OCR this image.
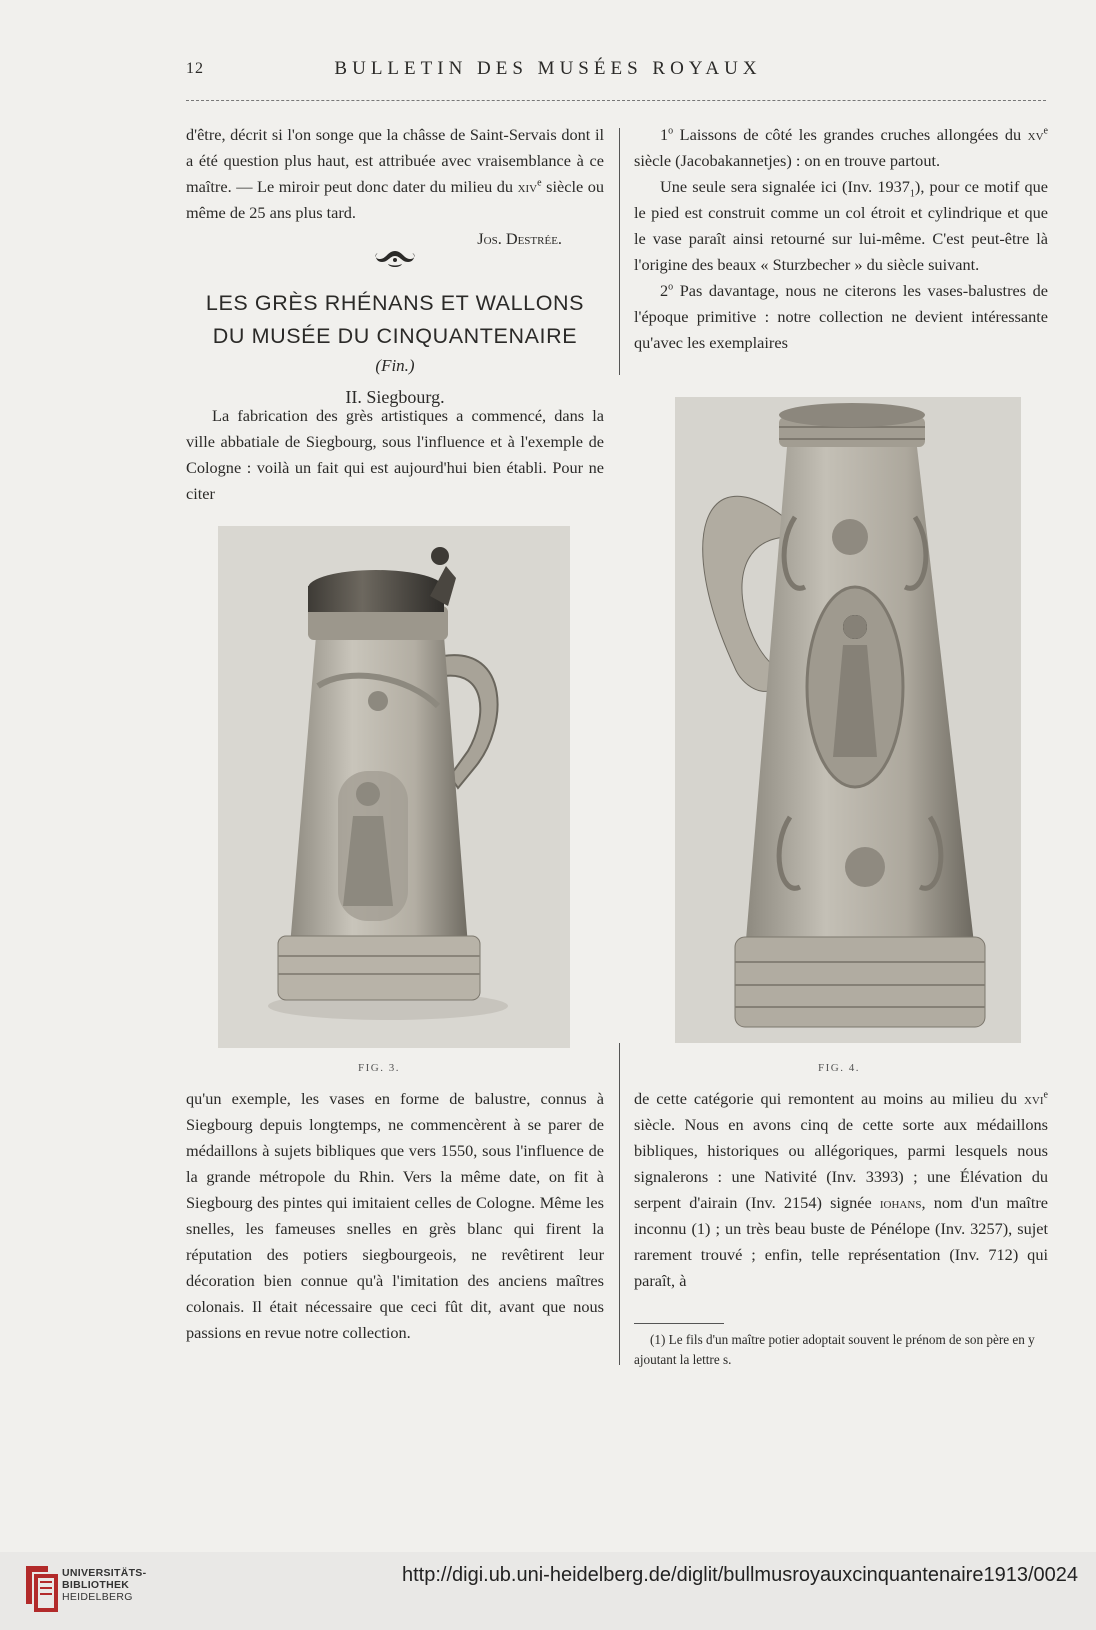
12	BULLETIN DES MUSÉES ROYAUX

d'être, décrit si l'on songe que la châsse de Saint-Servais dont il a été question plus haut, est attribuée avec vraisemblance à ce maître. — Le miroir peut donc dater du milieu du xiv$^e$ siècle ou même de 25 ans plus tard.

Jos. Destrée.
LES GRÈS RHÉNANS ET WALLONS
DU MUSÉE DU CINQUANTENAIRE
(Fin.)
II. Siegbourg.

La fabrication des grès artistiques a commencé, dans la ville abbatiale de Siegbourg, sous l'influence et à l'exemple de Cologne : voilà un fait qui est aujourd'hui bien établi. Pour ne citer

1$^o$ Laissons de côté les grandes cruches allongées du $xv^e$ siècle (Jacobakannetjes) : on en trouve partout.

Une seule sera signalée ici (Inv. $1937_1$), pour ce motif que le pied est construit comme un col étroit et cylindrique et que le vase paraît ainsi retourné sur lui-même. C'est peut-être là l'origine des beaux « Sturzbecher » du siècle suivant.

2$^o$ Pas davantage, nous ne citerons les vases-balustres de l'époque primitive : notre collection ne devient intéressante qu'avec les exemplaires

FIG. 3.	FIG. 4.

qu'un exemple, les vases en forme de balustre, connus à Siegbourg depuis longtemps, ne commencèrent à se parer de médaillons à sujets bibliques que vers 1550, sous l'influence de la grande métropole du Rhin. Vers la même date, on fit à Siegbourg des pintes qui imitaient celles de Cologne. Même les snelles, les fameuses snelles en grès blanc qui firent la réputation des potiers siegbourgeois, ne revêtirent leur décoration bien connue qu'à l'imitation des anciens maîtres colonais. Il était nécessaire que ceci fût dit, avant que nous passions en revue notre collection.

de cette catégorie qui remontent au moins au milieu du xvi$^e$ siècle. Nous en avons cinq de cette sorte aux médaillons bibliques, historiques ou allégoriques, parmi lesquels nous signalerons : une Nativité (Inv. 3393) ; une Élévation du serpent d'airain (Inv. 2154) signée iohans, nom d'un maître inconnu (1) ; un très beau buste de Pénélope (Inv. 3257), sujet rarement trouvé ; enfin, telle représentation (Inv. 712) qui paraît, à

(1) Le fils d'un maître potier adoptait souvent le prénom de son père en y ajoutant la lettre s.

UNIVERSITÄTS-
BIBLIOTHEK
HEIDELBERG
http://digi.ub.uni-heidelberg.de/diglit/bullmusroyauxcinquantenaire1913/0024
